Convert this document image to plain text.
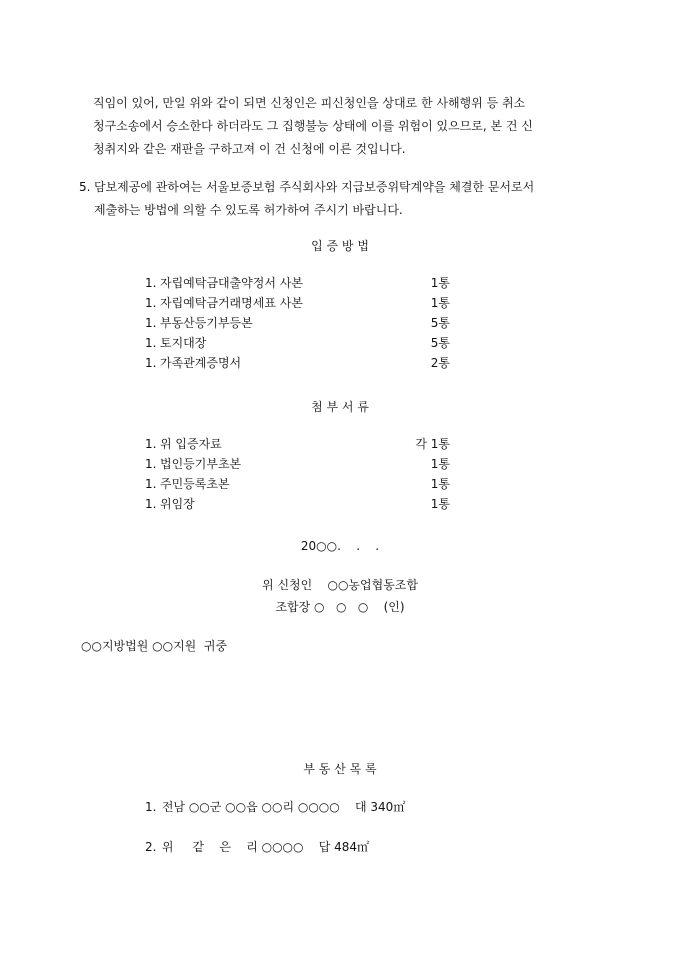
직임이 있어, 만일 위와 같이 되면 신청인은 피신청인을 상대로 한 사해행위 등 취소

청구소송에서 승소한다 하더라도 그 집행불능 상태에 이를 위험이 있으므로, 본 건 신

청취지와 같은 재판을 구하고져 이 건 신청에 이른 것입니다.

5. 담보제공에 관하여는 서울보증보험 주식회사와 지급보증위탁계약을 체결한 문서로서

제출하는 방법에 의할 수 있도록 허가하여 주시기 바랍니다.

입 증 방 법
1. 자립예탁금대출약정서 사본	1통
1. 자립예탁금거래명세표 사본	1통
1. 부동산등기부등본	5통
1. 토지대장	5통
1. 가족관계증명서	2통
첨 부 서 류
1. 위 입증자료	각 1통
1. 법인등기부초본	1통
1. 주민등록초본	1통
1. 위임장	1통
20○○.    .    .
위 신청인    ○○농업협동조합
조합장 ○   ○   ○    (인)
○○지방법원 ○○지원  귀중
부 동 산 목 록
1. 전남 ○○군 ○○읍 ○○리 ○○○○    대 340㎡
2. 위     같    은    리 ○○○○    답 484㎡
